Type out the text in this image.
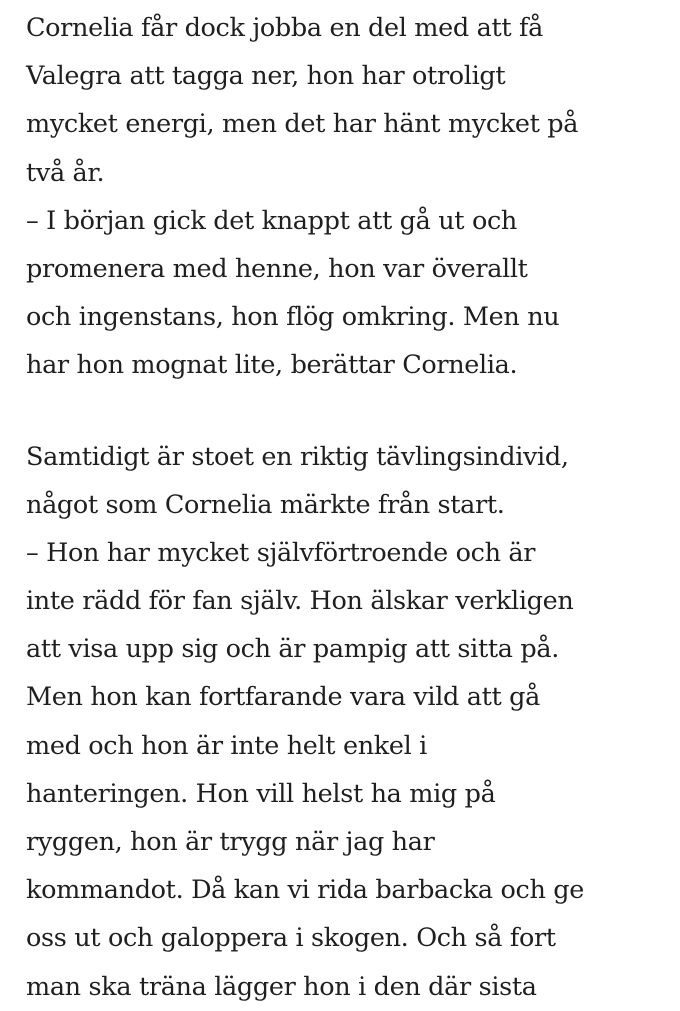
Cornelia får dock jobba en del med att få
Valegra att tagga ner, hon har otroligt
mycket energi, men det har hänt mycket på
två år.
– I början gick det knappt att gå ut och
promenera med henne, hon var överallt
och ingenstans, hon flög omkring. Men nu
har hon mognat lite, berättar Cornelia.
Samtidigt är stoet en riktig tävlingsindivid,
något som Cornelia märkte från start.
– Hon har mycket självförtroende och är
inte rädd för fan själv. Hon älskar verkligen
att visa upp sig och är pampig att sitta på.
Men hon kan fortfarande vara vild att gå
med och hon är inte helt enkel i
hanteringen. Hon vill helst ha mig på
ryggen, hon är trygg när jag har
kommandot. Då kan vi rida barbacka och ge
oss ut och galoppera i skogen. Och så fort
man ska träna lägger hon i den där sista
